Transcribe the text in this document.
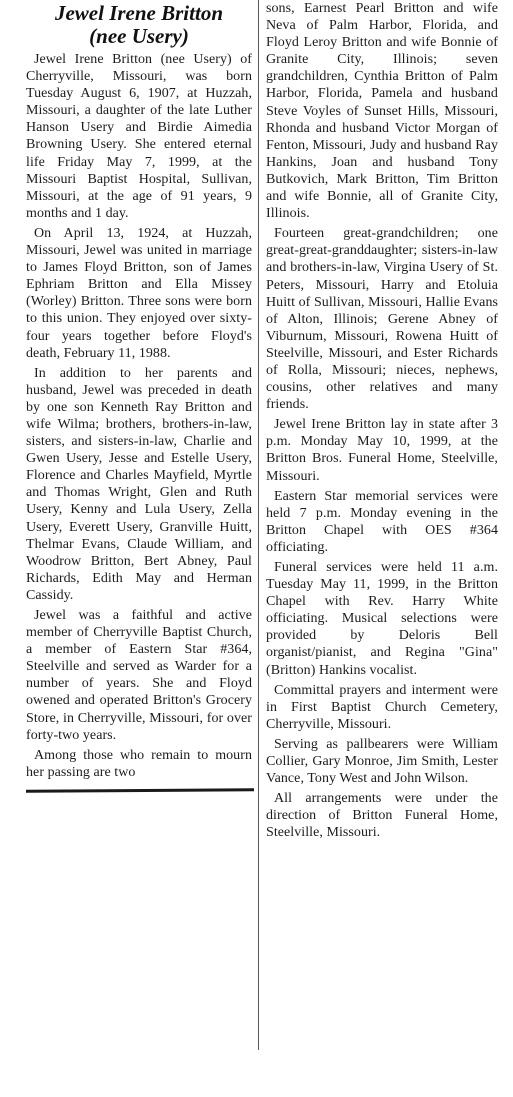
Jewel Irene Britton
(nee Usery)

Jewel Irene Britton (nee Usery) of Cherryville, Missouri, was born Tuesday August 6, 1907, at Huzzah, Missouri, a daughter of the late Luther Hanson Usery and Birdie Aimedia Browning Usery. She entered eternal life Friday May 7, 1999, at the Missouri Baptist Hospital, Sullivan, Missouri, at the age of 91 years, 9 months and 1 day.

On April 13, 1924, at Huzzah, Missouri, Jewel was united in marriage to James Floyd Britton, son of James Ephriam Britton and Ella Missey (Worley) Britton. Three sons were born to this union. They enjoyed over sixty-four years together before Floyd's death, February 11, 1988.

In addition to her parents and husband, Jewel was preceded in death by one son Kenneth Ray Britton and wife Wilma; brothers, brothers-in-law, sisters, and sisters-in-law, Charlie and Gwen Usery, Jesse and Estelle Usery, Florence and Charles Mayfield, Myrtle and Thomas Wright, Glen and Ruth Usery, Kenny and Lula Usery, Zella Usery, Everett Usery, Granville Huitt, Thelmar Evans, Claude William, and Woodrow Britton, Bert Abney, Paul Richards, Edith May and Herman Cassidy.

Jewel was a faithful and active member of Cherryville Baptist Church, a member of Eastern Star #364, Steelville and served as Warder for a number of years. She and Floyd owened and operated Britton's Grocery Store, in Cherryville, Missouri, for over forty-two years.

Among those who remain to mourn her passing are two

sons, Earnest Pearl Britton and wife Neva of Palm Harbor, Florida, and Floyd Leroy Britton and wife Bonnie of Granite City, Illinois; seven grandchildren, Cynthia Britton of Palm Harbor, Florida, Pamela and husband Steve Voyles of Sunset Hills, Missouri, Rhonda and husband Victor Morgan of Fenton, Missouri, Judy and husband Ray Hankins, Joan and husband Tony Butkovich, Mark Britton, Tim Britton and wife Bonnie, all of Granite City, Illinois.

Fourteen great-grandchildren; one great-great-granddaughter; sisters-in-law and brothers-in-law, Virgina Usery of St. Peters, Missouri, Harry and Etoluia Huitt of Sullivan, Missouri, Hallie Evans of Alton, Illinois; Gerene Abney of Viburnum, Missouri, Rowena Huitt of Steelville, Missouri, and Ester Richards of Rolla, Missouri; nieces, nephews, cousins, other relatives and many friends.

Jewel Irene Britton lay in state after 3 p.m. Monday May 10, 1999, at the Britton Bros. Funeral Home, Steelville, Missouri.

Eastern Star memorial services were held 7 p.m. Monday evening in the Britton Chapel with OES #364 officiating.

Funeral services were held 11 a.m. Tuesday May 11, 1999, in the Britton Chapel with Rev. Harry White officiating. Musical selections were provided by Deloris Bell organist/pianist, and Regina "Gina" (Britton) Hankins vocalist.

Committal prayers and interment were in First Baptist Church Cemetery, Cherryville, Missouri.

Serving as pallbearers were William Collier, Gary Monroe, Jim Smith, Lester Vance, Tony West and John Wilson.

All arrangements were under the direction of Britton Funeral Home, Steelville, Missouri.
